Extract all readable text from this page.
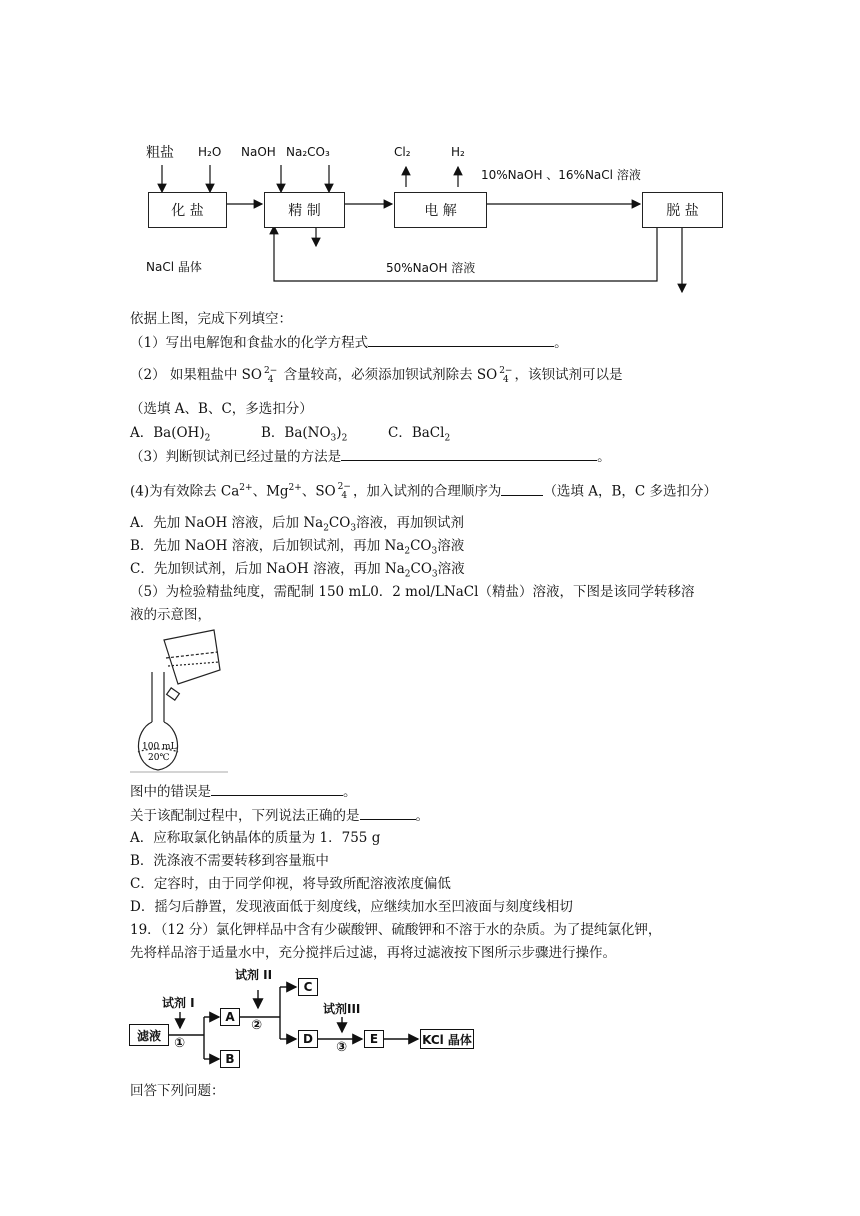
粗盐 H₂O NaOH Na₂CO₃	Cl₂	H₂
10%NaOH 、16%NaCl 溶液
化 盐	精 制	电 解	脱 盐
NaCl 晶体	50%NaOH 溶液
依据上图，完成下列填空：
（1）写出电解饱和食盐水的化学方程式	。
（2） 如果粗盐中 SO 2−
4 含量较高，必须添加钡试剂除去 SO 2−
4 ，该钡试剂可以是
（选填 A、B、C，多选扣分）
A．$Ba(OH)_2$	B．$Ba(NO_3)_2$	C．BaCl$_2$
（3）判断钡试剂已经过量的方法是	。
(4)为有效除去 $Ca^{2+}$、$Mg^{2+}$、SO 2−
4 ，加入试剂的合理顺序为	（选填 A，B，C 多选扣分）
A．先加 NaOH 溶液，后加 $Na_2CO_3$溶液，再加钡试剂
B．先加 NaOH 溶液，后加钡试剂，再加 $Na_2CO_3$溶液
C．先加钡试剂，后加 NaOH 溶液，再加 $Na_2CO_3$溶液
（5）为检验精盐纯度，需配制 150 mL0．2 mol/LNaCl（精盐）溶液，下图是该同学转移溶
液的示意图，
100 mL
20℃
图中的错误是	。
关于该配制过程中，下列说法正确的是	。
A．应称取氯化钠晶体的质量为 1．755 g
B．洗涤液不需要转移到容量瓶中
C．定容时，由于同学仰视，将导致所配溶液浓度偏低
D．摇匀后静置，发现液面低于刻度线，应继续加水至凹液面与刻度线相切
19．（12 分）氯化钾样品中含有少碳酸钾、硫酸钾和不溶于水的杂质。为了提纯氯化钾，
先将样品溶于适量水中，充分搅拌后过滤，再将过滤液按下图所示步骤进行操作。
滤液
试剂 I
①
A
B
试剂 II
②
C
D
试剂III
③
E	KCl 晶体
回答下列问题：
